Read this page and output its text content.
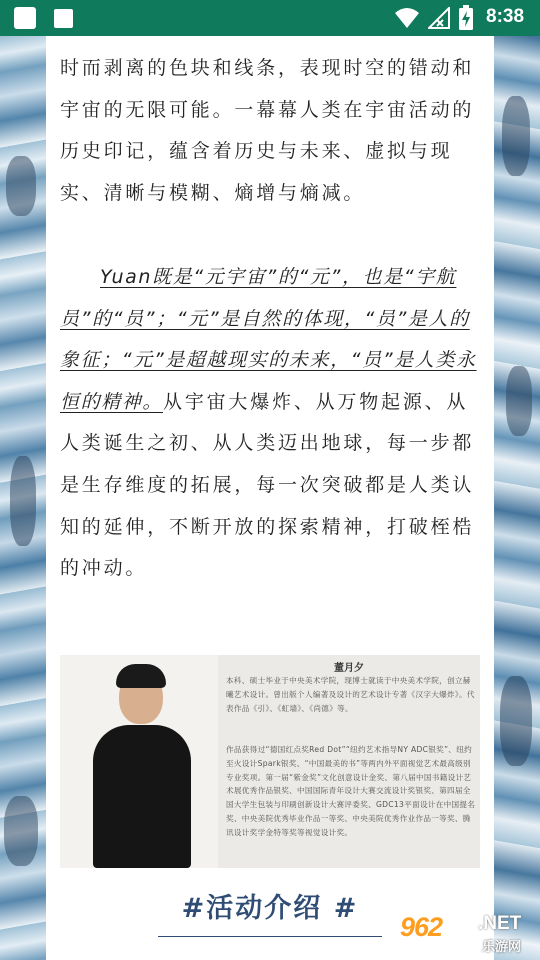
8:38

时而剥离的色块和线条，表现时空的错动和宇宙的无限可能。一幕幕人类在宇宙活动的历史印记，蕴含着历史与未来、虚拟与现实、清晰与模糊、熵增与熵减。

Yuan既是“元宇宙”的“元”，也是“宇航员”的“员”；“元”是自然的体现，“员”是人的象征；“元”是超越现实的未来，“员”是人类永恒的精神。从宇宙大爆炸、从万物起源、从人类诞生之初、从人类迈出地球，每一步都是生存维度的拓展，每一次突破都是人类认知的延伸，不断开放的探索精神，打破桎梏的冲动。

董月夕

本科、硕士毕业于中央美术学院，现博士就读于中央美术学院，创立赫曦艺术设计。曾出版个人编著及设计的艺术设计专著《汉字大爆炸》。代表作品《引》、《虹墙》、《尚德》等。

作品获得过“德国红点奖Red Dot”“纽约艺术指导NY ADC银奖”、纽约至火设计Spark银奖、“中国最美的书”等两内外平面视觉艺术最高级别专业奖项。第一届“紫金奖”文化创意设计金奖、第八届中国书籍设计艺术展优秀作品银奖、中国国际青年设计大赛交流设计奖银奖、第四届全国大学生包装与印刷创新设计大赛评委奖、GDC13平面设计在中国提名奖、中央美院优秀毕业作品一等奖、中央美院优秀作业作品一等奖、腾讯设计奖学金特等奖等视觉设计奖。

#活动介绍 #
962 .NET
乐游网
